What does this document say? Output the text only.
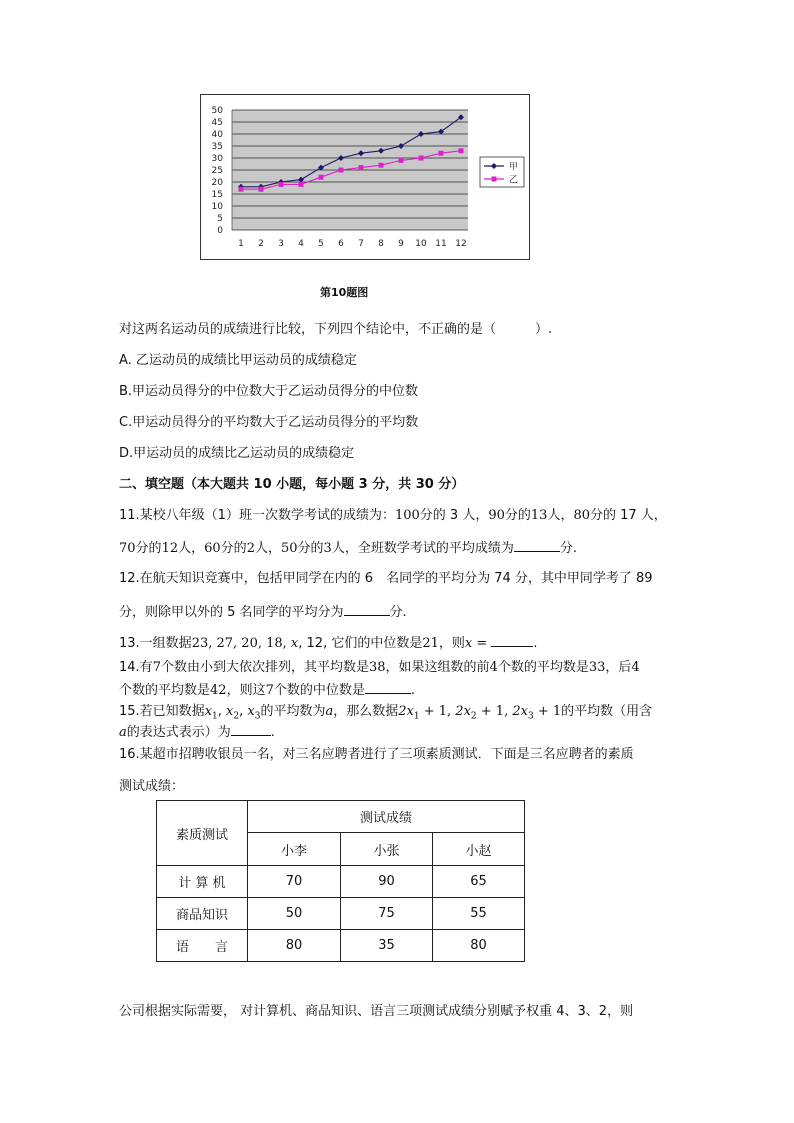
0
5
10
15
20
25
30
35
40
45
50
1 2 3 4 5 6 7 8 9 10 11 12
甲
乙
第10题图
对这两名运动员的成绩进行比较，下列四个结论中，不正确的是（　　　）.
A. 乙运动员的成绩比甲运动员的成绩稳定
B.甲运动员得分的中位数大于乙运动员得分的中位数
C.甲运动员得分的平均数大于乙运动员得分的平均数
D.甲运动员的成绩比乙运动员的成绩稳定
二、填空题（本大题共 10 小题，每小题 3 分，共 30 分）
11.某校八年级（1）班一次数学考试的成绩为：100分的 3 人，90分的13人，80分的 17 人，
70分的12人，60分的2人，50分的3人，全班数学考试的平均成绩为	分.
12.在航天知识竞赛中，包括甲同学在内的 6　名同学的平均分为 74 分，其中甲同学考了 89
分，则除甲以外的 5 名同学的平均分为	分.
13.一组数据23, 27, 20, 18, x, 12, 它们的中位数是21，则x =	.
14.有7个数由小到大依次排列，其平均数是38，如果这组数的前4个数的平均数是33，后4
个数的平均数是42，则这7个数的中位数是	.
15.若已知数据$x_1$, $x_2$, $x_3$的平均数为a，那么数据$2x_1 + 1$, $2x_2 + 1$, $2x_3 + 1$的平均数（用含
a的表达式表示）为	.
16.某超市招聘收银员一名，对三名应聘者进行了三项素质测试．下面是三名应聘者的素质
测试成绩：
素质测试	测试成绩		
	小李	小张	小赵
计 算 机	70	90	65
商品知识	50	75	55
语　　言	80	35	80
公司根据实际需要， 对计算机、商品知识、语言三项测试成绩分别赋予权重 4、3、2，则
